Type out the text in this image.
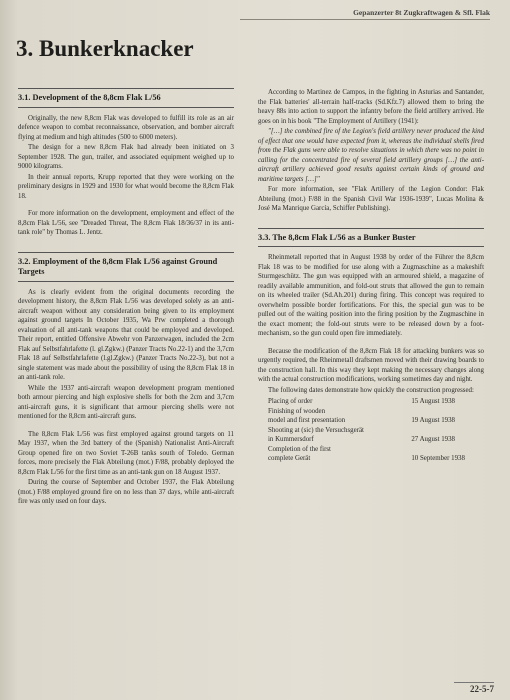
Gepanzerter 8t Zugkraftwagen & Sfl. Flak
3. Bunkerknacker
3.1. Development of the 8,8cm Flak L/56

Originally, the new 8,8cm Flak was developed to fulfill its role as an air defence weapon to combat reconnaissance, observation, and bomber aircraft flying at medium and high altitudes (500 to 6000 meters).

The design for a new 8,8cm Flak had already been initiated on 3 September 1928. The gun, trailer, and associated equipment weighed up to 9000 kilograms.

In their annual reports, Krupp reported that they were working on the preliminary designs in 1929 and 1930 for what would become the 8,8cm Flak 18.

For more information on the development, employment and effect of the 8,8cm Flak L/56, see "Dreaded Threat, The 8,8cm Flak 18/36/37 in its anti-tank role" by Thomas L. Jentz.

3.2. Employment of the 8,8cm Flak L/56 against Ground Targets

As is clearly evident from the original documents recording the development history, the 8,8cm Flak L/56 was developed solely as an anti-aircraft weapon without any consideration being given to its employment against ground targets In October 1935, Wa Prw completed a thorough evaluation of all anti-tank weapons that could be employed and developed. Their report, entitled Offensive Abwehr von Panzerwagen, included the 2cm Flak auf Selbstfahrlafette (l. gl.Zgkw.) (Panzer Tracts No.22-1) and the 3,7cm Flak 18 auf Selbstfahrlafette (l.gl.Zgkw.) (Panzer Tracts No.22-3), but not a single statement was made about the possibility of using the 8,8cm Flak 18 in an anti-tank role.

While the 1937 anti-aircraft weapon development program mentioned both armour piercing and high explosive shells for both the 2cm and 3,7cm anti-aircraft guns, it is significant that armour piercing shells were not mentioned for the 8,8cm anti-aircraft guns.

The 8,8cm Flak L/56 was first employed against ground targets on 11 May 1937, when the 3rd battery of the (Spanish) Nationalist Anti-Aircraft Group opened fire on two Soviet T-26B tanks south of Toledo. German forces, more precisely the Flak Abteilung (mot.) F/88, probably deployed the 8,8cm Flak L/56 for the first time as an anti-tank gun on 18 August 1937.

During the course of September and October 1937, the Flak Abteilung (mot.) F/88 employed ground fire on no less than 37 days, while anti-aircraft fire was only used on four days.

According to Martinez de Campos, in the fighting in Asturias and Santander, the Flak batteries' all-terrain half-tracks (Sd.Kfz.7) allowed them to bring the heavy 88s into action to support the infantry before the field artillery arrived. He goes on in his book "The Employment of Artillery (1941):

"[…] the combined fire of the Legion's field artillery never produced the kind of effect that one would have expected from it, whereas the individual shells fired from the Flak guns were able to resolve situations in which there was no point in calling for the concentrated fire of several field artillery groups […] the anti-aircraft artillery achieved good results against certain kinds of ground and maritime targets […]"

For more information, see "Flak Artillery of the Legion Condor: Flak Abteilung (mot.) F/88 in the Spanish Civil War 1936-1939", Lucas Molina & José Ma Manrique García, Schiffer Publishing).

3.3. The 8,8cm Flak L/56 as a Bunker Buster

Rheinmetall reported that in August 1938 by order of the Führer the 8,8cm Flak 18 was to be modified for use along with a Zugmaschine as a makeshift Sturmgeschütz. The gun was equipped with an armoured shield, a magazine of readily available ammunition, and fold-out struts that allowed the gun to remain on its wheeled trailer (Sd.Ah.201) during firing. This concept was required to overwhelm possible border fortifications. For this, the special gun was to be pulled out of the waiting position into the firing position by the Zugmaschine in the exact moment; the fold-out struts were to be released down by a foot-mechanism, so the gun could open fire immediately.

Because the modification of the 8,8cm Flak 18 for attacking bunkers was so urgently required, the Rheinmetall draftsmen moved with their drawing boards to the construction hall. In this way they kept making the necessary changes along with the actual construction modifications, working sometimes day and night.

The following dates demonstrate how quickly the construction progressed:

Placing of order	15 August 1938
Finishing of wooden	
model and first presentation	19 August 1938
Shooting at (sic) the Versuchsgerät	
in Kummersdorf	27 August 1938
Completion of the first	
complete Gerät	10 September 1938
22-5-7
